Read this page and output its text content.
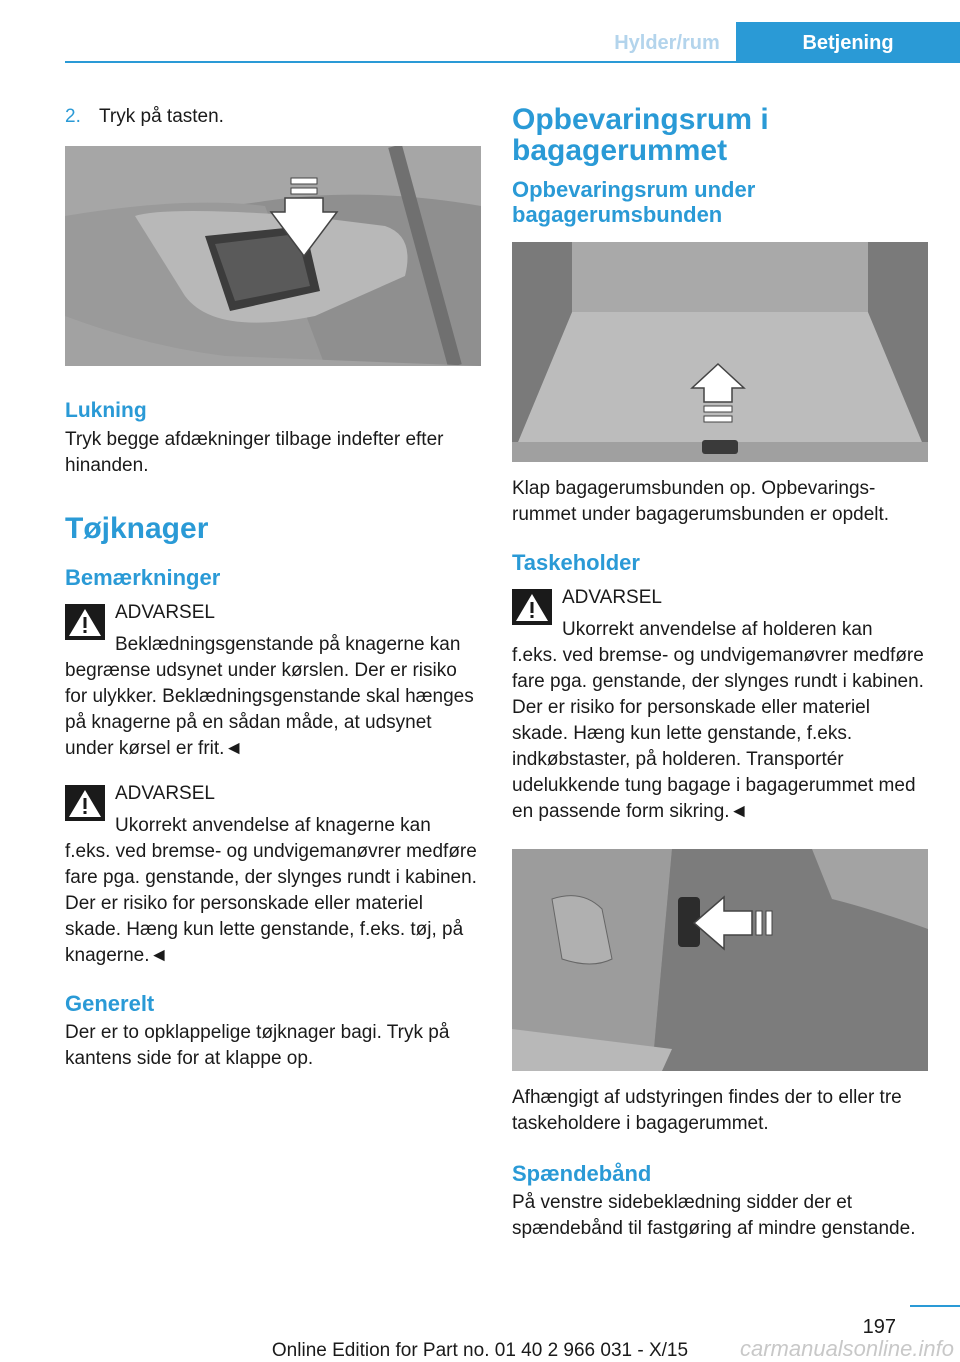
Hylder/rum	Betjening
2. Tryk på tasten.
Lukning

Tryk begge afdækninger tilbage indefter efter hinanden.

Tøjknager
Bemærkninger
ADVARSEL
Beklædningsgenstande på knagerne kan
begrænse udsynet under kørslen. Der er risiko for ulykker. Beklædningsgenstande skal hænges på knagerne på en sådan måde, at udsynet under kørsel er frit.◄
ADVARSEL
Ukorrekt anvendelse af knagerne kan
f.eks. ved bremse- og undvigemanøvrer medføre fare pga. genstande, der slynges rundt i kabinen. Der er risiko for personskade eller materiel skade. Hæng kun lette genstande, f.eks. tøj, på knagerne.◄
Generelt

Der er to opklappelige tøjknager bagi. Tryk på kantens side for at klappe op.

Opbevaringsrum i bagagerummet
Opbevaringsrum under bagagerumsbunden

Klap bagagerumsbunden op. Opbevaringsrummet under bagagerumsbunden er opdelt.

Taskeholder
ADVARSEL
Ukorrekt anvendelse af holderen kan
f.eks. ved bremse- og undvigemanøvrer medføre fare pga. genstande, der slynges rundt i kabinen. Der er risiko for personskade eller materiel skade. Hæng kun lette genstande, f.eks. indkøbstaster, på holderen. Transportér udelukkende tung bagage i bagagerummet med en passende form sikring.◄

Afhængigt af udstyringen findes der to eller tre taskeholdere i bagagerummet.

Spændebånd

På venstre sidebeklædning sidder der et spændebånd til fastgøring af mindre genstande.

197
Online Edition for Part no. 01 40 2 966 031 - X/15	carmanualsonline.info
